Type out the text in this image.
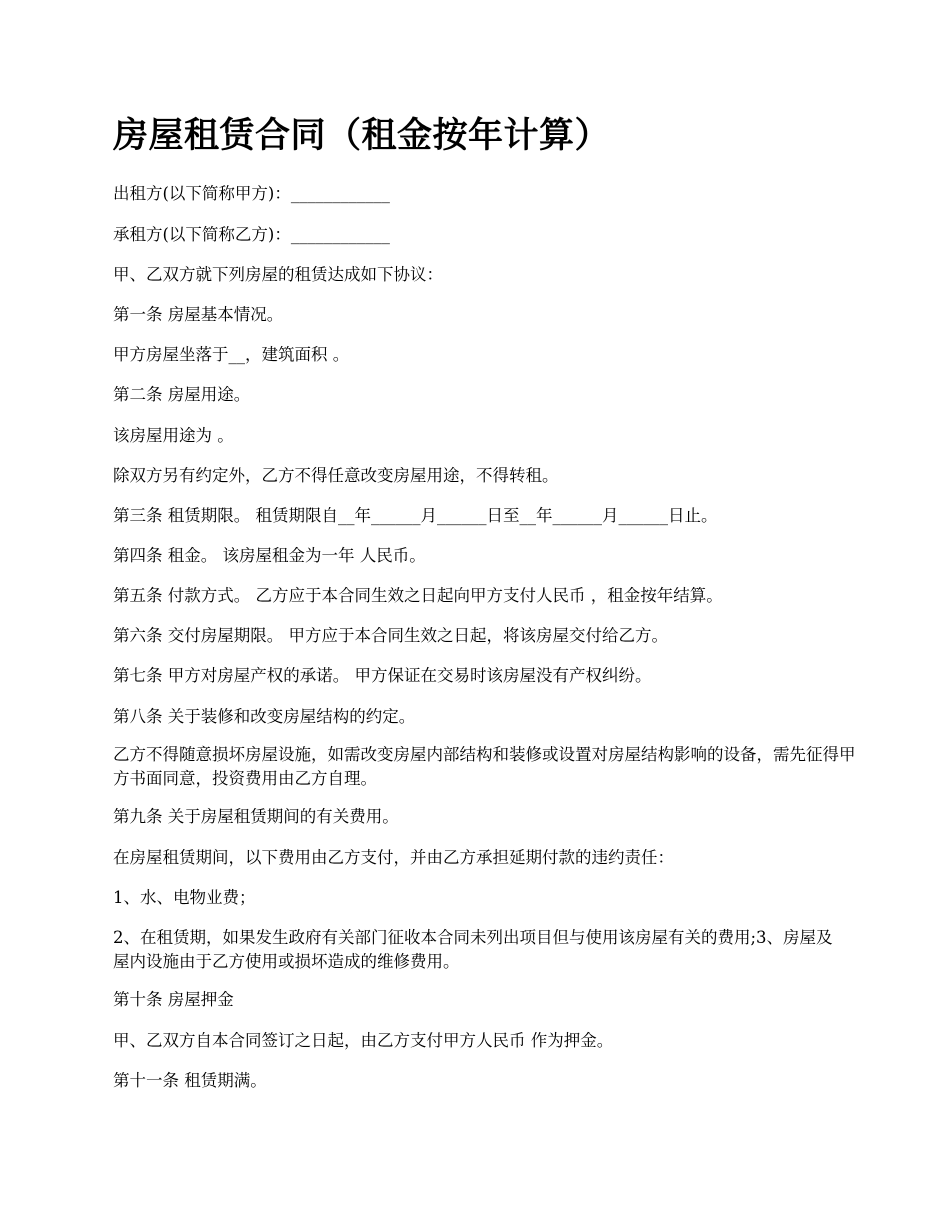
房屋租赁合同（租金按年计算）

出租方(以下简称甲方)：____________

承租方(以下简称乙方)：____________

甲、乙双方就下列房屋的租赁达成如下协议：

第一条 房屋基本情况。

甲方房屋坐落于__，建筑面积 。

第二条 房屋用途。

该房屋用途为 。

除双方另有约定外，乙方不得任意改变房屋用途，不得转租。

第三条 租赁期限。 租赁期限自__年______月______日至__年______月______日止。

第四条 租金。 该房屋租金为一年 人民币。

第五条 付款方式。 乙方应于本合同生效之日起向甲方支付人民币 ，租金按年结算。

第六条 交付房屋期限。 甲方应于本合同生效之日起，将该房屋交付给乙方。

第七条 甲方对房屋产权的承诺。 甲方保证在交易时该房屋没有产权纠纷。

第八条 关于装修和改变房屋结构的约定。

乙方不得随意损坏房屋设施，如需改变房屋内部结构和装修或设置对房屋结构影响的设备，需先征得甲方书面同意，投资费用由乙方自理。

第九条 关于房屋租赁期间的有关费用。

在房屋租赁期间，以下费用由乙方支付，并由乙方承担延期付款的违约责任：

1、水、电物业费；

2、在租赁期，如果发生政府有关部门征收本合同未列出项目但与使用该房屋有关的费用;3、房屋及屋内设施由于乙方使用或损坏造成的维修费用。

第十条 房屋押金

甲、乙双方自本合同签订之日起，由乙方支付甲方人民币 作为押金。

第十一条 租赁期满。
